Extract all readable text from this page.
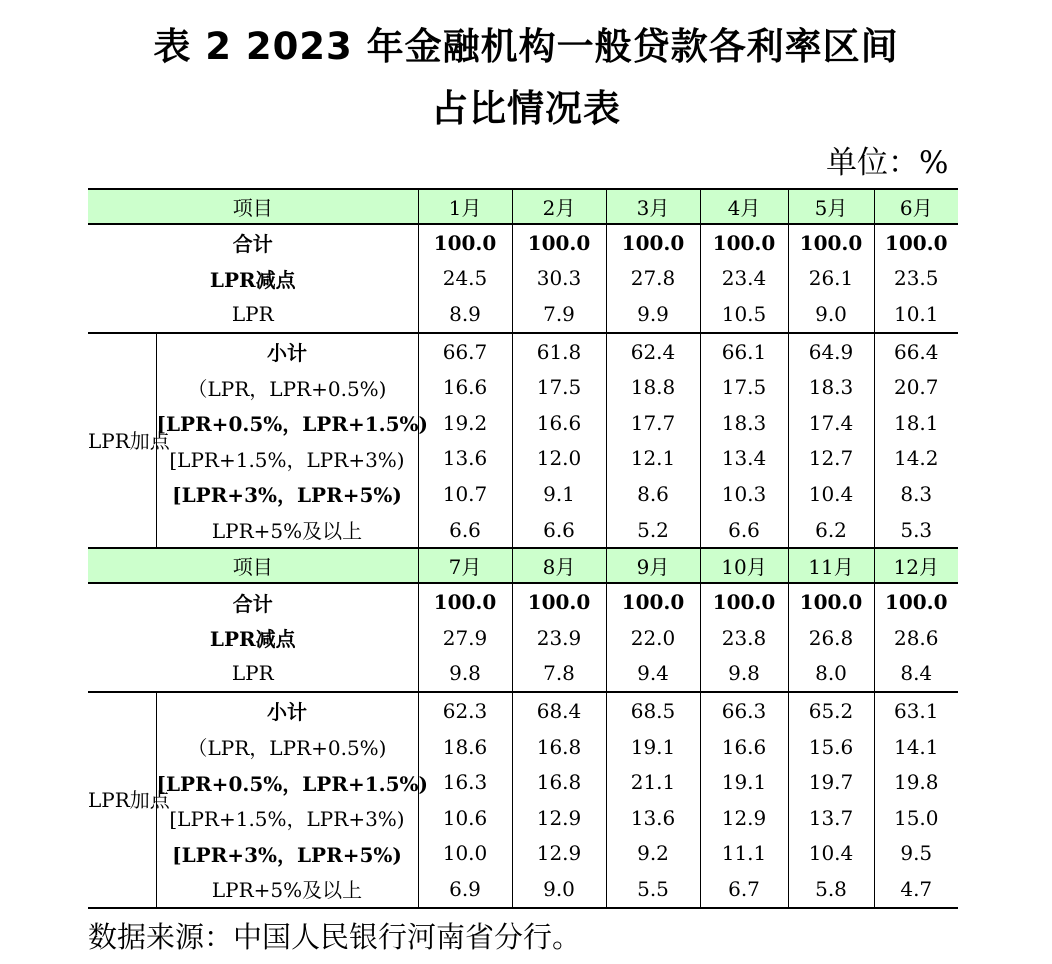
表 2 2023 年金融机构一般贷款各利率区间
占比情况表
单位：%
项目		1月	2月	3月	4月	5月	6月
合计		100.0	100.0	100.0	100.0	100.0	100.0
LPR减点		24.5	30.3	27.8	23.4	26.1	23.5
LPR		8.9	7.9	9.9	10.5	9.0	10.1
LPR加点	小计	66.7	61.8	62.4	66.1	64.9	66.4
	（LPR，LPR+0.5%)	16.6	17.5	18.8	17.5	18.3	20.7
	[LPR+0.5%，LPR+1.5%)	19.2	16.6	17.7	18.3	17.4	18.1
	[LPR+1.5%，LPR+3%)	13.6	12.0	12.1	13.4	12.7	14.2
	[LPR+3%，LPR+5%)	10.7	9.1	8.6	10.3	10.4	8.3
	LPR+5%及以上	6.6	6.6	5.2	6.6	6.2	5.3
项目		7月	8月	9月	10月	11月	12月
合计		100.0	100.0	100.0	100.0	100.0	100.0
LPR减点		27.9	23.9	22.0	23.8	26.8	28.6
LPR		9.8	7.8	9.4	9.8	8.0	8.4
LPR加点	小计	62.3	68.4	68.5	66.3	65.2	63.1
	（LPR，LPR+0.5%)	18.6	16.8	19.1	16.6	15.6	14.1
	[LPR+0.5%，LPR+1.5%)	16.3	16.8	21.1	19.1	19.7	19.8
	[LPR+1.5%，LPR+3%)	10.6	12.9	13.6	12.9	13.7	15.0
	[LPR+3%，LPR+5%)	10.0	12.9	9.2	11.1	10.4	9.5
	LPR+5%及以上	6.9	9.0	5.5	6.7	5.8	4.7
数据来源：中国人民银行河南省分行。
